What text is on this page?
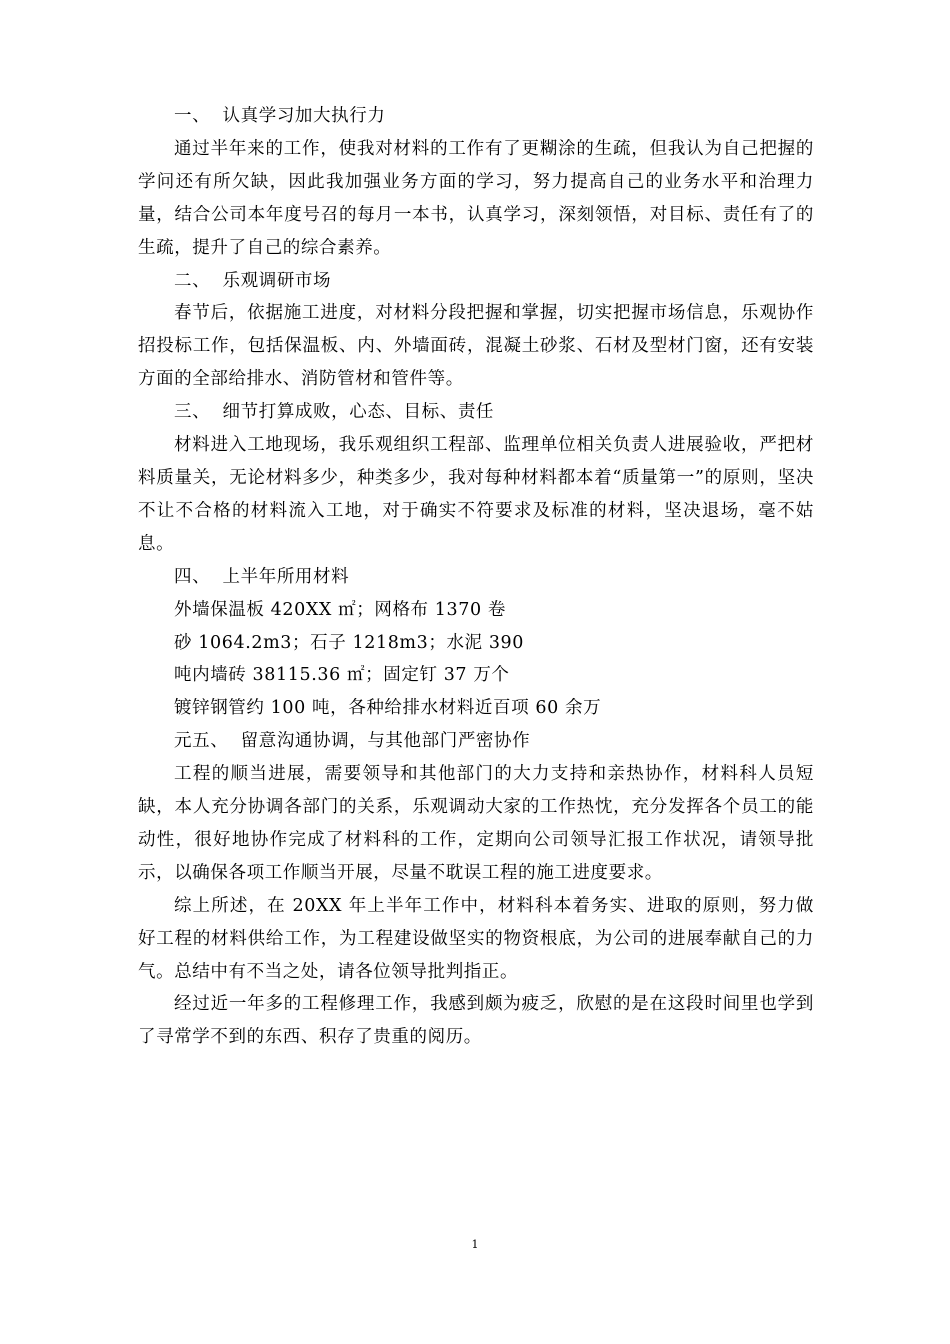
一、  认真学习加大执行力

通过半年来的工作，使我对材料的工作有了更糊涂的生疏，但我认为自己把握的学问还有所欠缺，因此我加强业务方面的学习，努力提高自己的业务水平和治理力量，结合公司本年度号召的每月一本书，认真学习，深刻领悟，对目标、责任有了的生疏，提升了自己的综合素养。

二、  乐观调研市场

春节后，依据施工进度，对材料分段把握和掌握，切实把握市场信息，乐观协作招投标工作，包括保温板、内、外墙面砖，混凝土砂浆、石材及型材门窗，还有安装方面的全部给排水、消防管材和管件等。

三、  细节打算成败，心态、目标、责任

材料进入工地现场，我乐观组织工程部、监理单位相关负责人进展验收，严把材料质量关，无论材料多少，种类多少，我对每种材料都本着“质量第一”的原则，坚决不让不合格的材料流入工地，对于确实不符要求及标准的材料，坚决退场，毫不姑息。

四、  上半年所用材料

外墙保温板 420XX ㎡；网格布 1370 卷

砂 1064.2m3；石子 1218m3；水泥 390

吨内墙砖 38115.36 ㎡；固定钉 37 万个

镀锌钢管约 100 吨，各种给排水材料近百项 60 余万

元五、  留意沟通协调，与其他部门严密协作

工程的顺当进展，需要领导和其他部门的大力支持和亲热协作，材料科人员短缺，本人充分协调各部门的关系，乐观调动大家的工作热忱，充分发挥各个员工的能动性，很好地协作完成了材料科的工作，定期向公司领导汇报工作状况，请领导批示，以确保各项工作顺当开展，尽量不耽误工程的施工进度要求。

综上所述，在 20XX 年上半年工作中，材料科本着务实、进取的原则，努力做好工程的材料供给工作，为工程建设做坚实的物资根底，为公司的进展奉献自己的力气。总结中有不当之处，请各位领导批判指正。

经过近一年多的工程修理工作，我感到颇为疲乏，欣慰的是在这段时间里也学到了寻常学不到的东西、积存了贵重的阅历。

1
